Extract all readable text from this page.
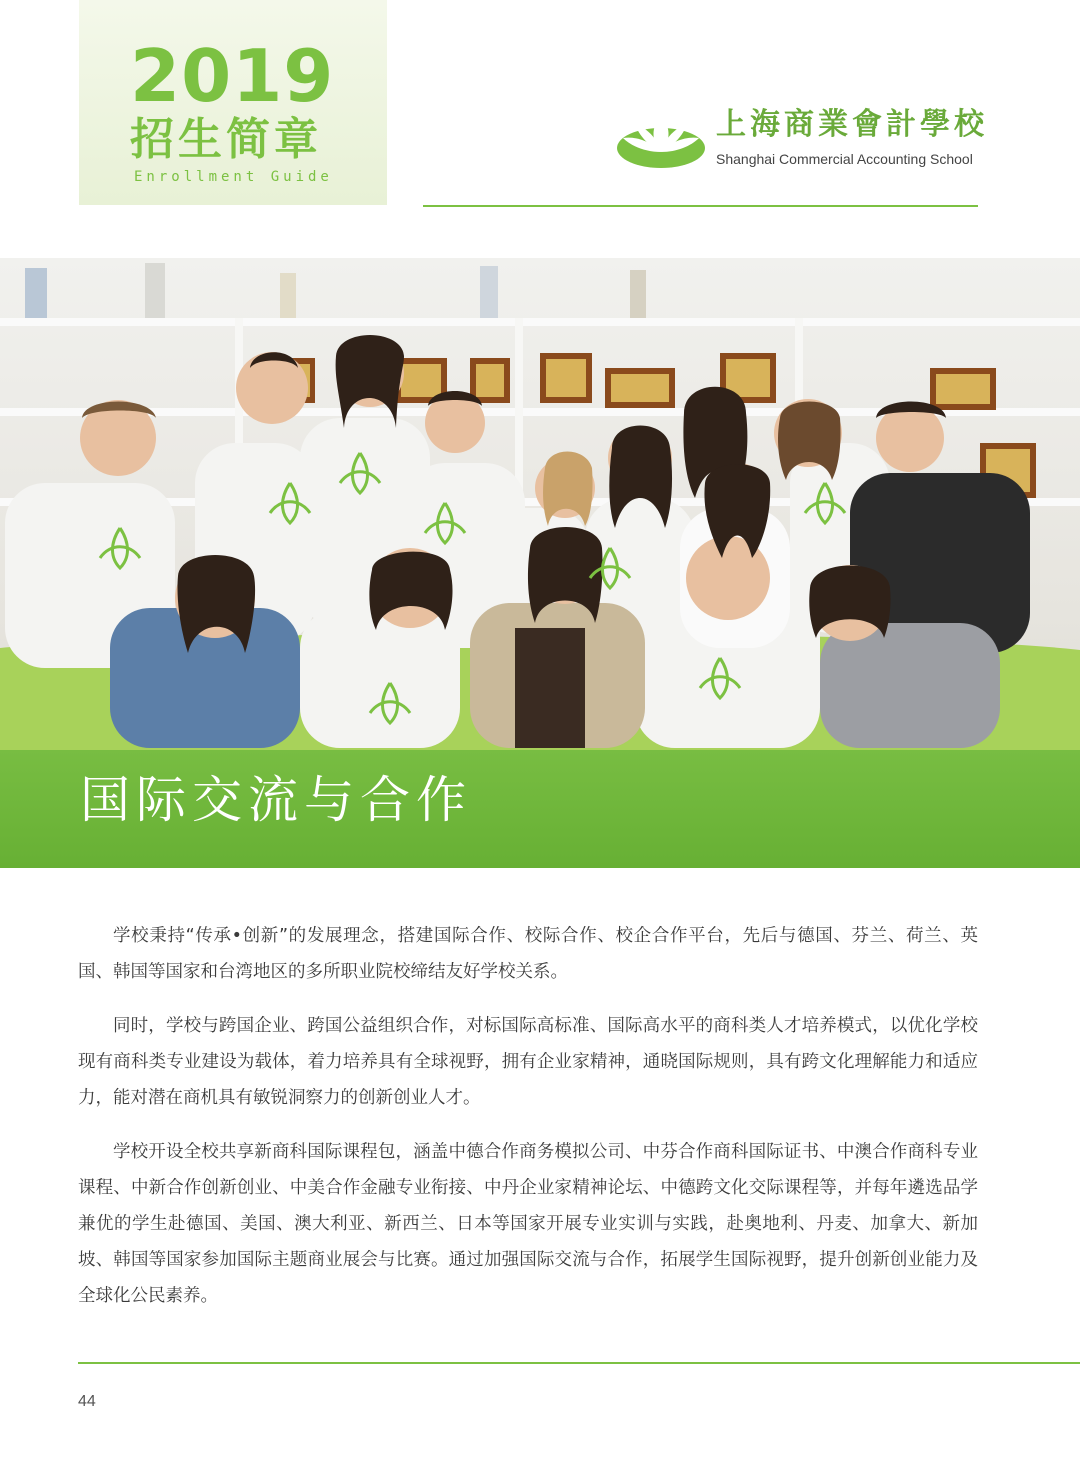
2019
招生简章
Enrollment Guide
上海商業會計學校
Shanghai Commercial Accounting School
国际交流与合作

学校秉持“传承•创新”的发展理念，搭建国际合作、校际合作、校企合作平台，先后与德国、芬兰、荷兰、英国、韩国等国家和台湾地区的多所职业院校缔结友好学校关系。

同时，学校与跨国企业、跨国公益组织合作，对标国际高标准、国际高水平的商科类人才培养模式，以优化学校现有商科类专业建设为载体，着力培养具有全球视野，拥有企业家精神，通晓国际规则，具有跨文化理解能力和适应力，能对潜在商机具有敏锐洞察力的创新创业人才。

学校开设全校共享新商科国际课程包，涵盖中德合作商务模拟公司、中芬合作商科国际证书、中澳合作商科专业课程、中新合作创新创业、中美合作金融专业衔接、中丹企业家精神论坛、中德跨文化交际课程等，并每年遴选品学兼优的学生赴德国、美国、澳大利亚、新西兰、日本等国家开展专业实训与实践，赴奥地利、丹麦、加拿大、新加坡、韩国等国家参加国际主题商业展会与比赛。通过加强国际交流与合作，拓展学生国际视野，提升创新创业能力及全球化公民素养。

44
